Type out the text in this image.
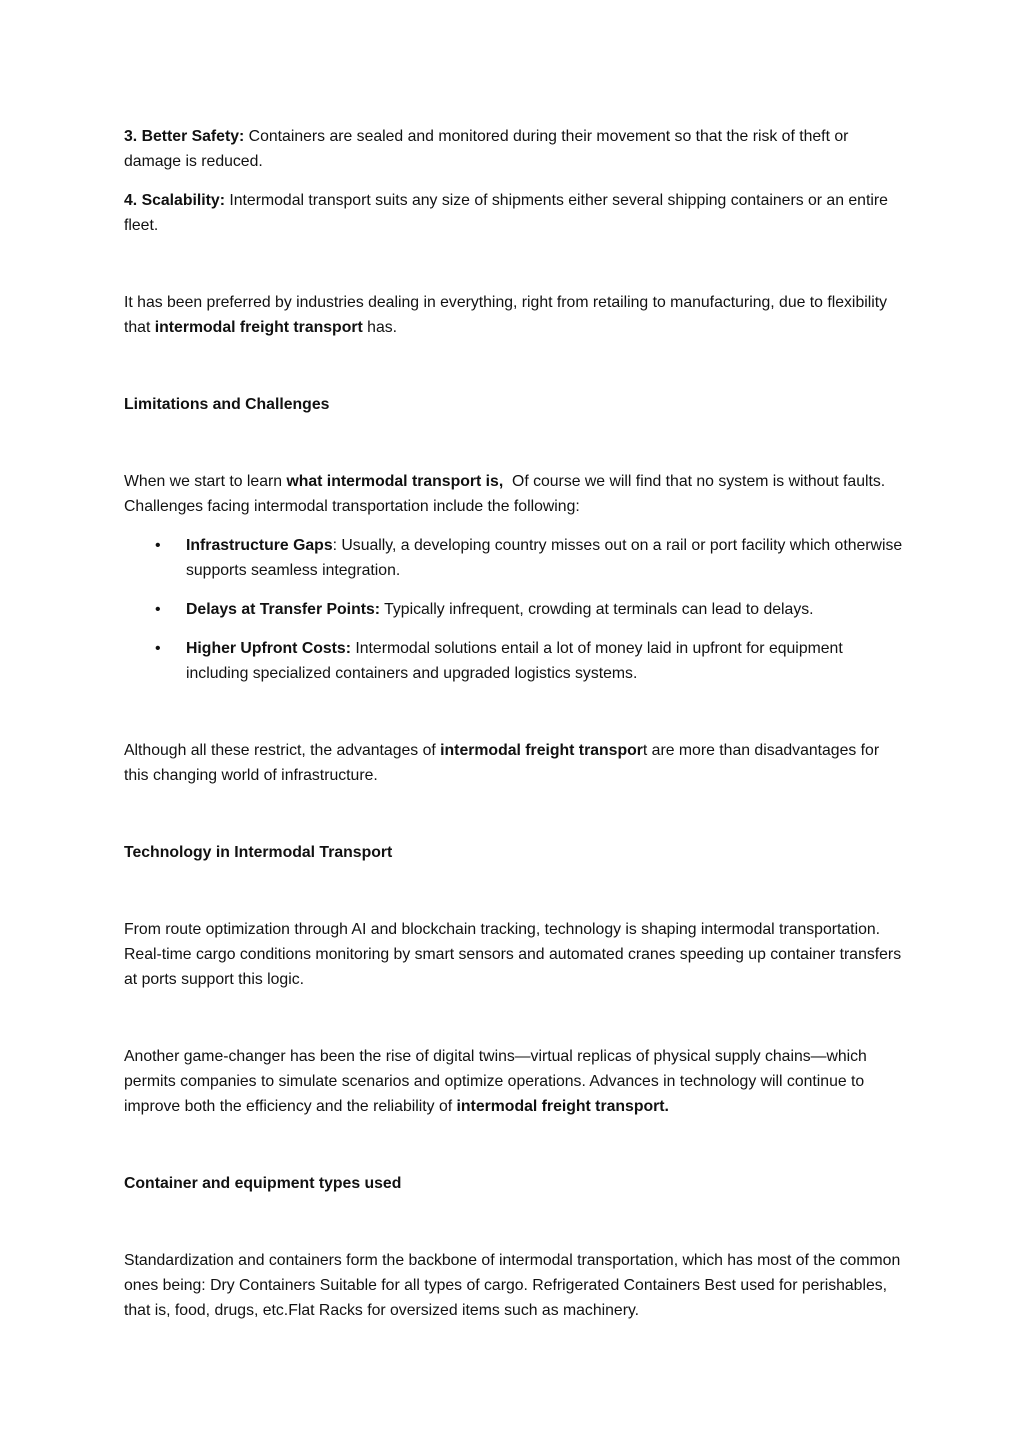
3. Better Safety: Containers are sealed and monitored during their movement so that the risk of theft or damage is reduced.

4. Scalability: Intermodal transport suits any size of shipments either several shipping containers or an entire fleet.

It has been preferred by industries dealing in everything, right from retailing to manufacturing, due to flexibility that intermodal freight transport has.

Limitations and Challenges

When we start to learn what intermodal transport is,  Of course we will find that no system is without faults. Challenges facing intermodal transportation include the following:

• Infrastructure Gaps: Usually, a developing country misses out on a rail or port facility which otherwise supports seamless integration.
• Delays at Transfer Points: Typically infrequent, crowding at terminals can lead to delays.
• Higher Upfront Costs: Intermodal solutions entail a lot of money laid in upfront for equipment including specialized containers and upgraded logistics systems.

Although all these restrict, the advantages of intermodal freight transport are more than disadvantages for this changing world of infrastructure.

Technology in Intermodal Transport

From route optimization through AI and blockchain tracking, technology is shaping intermodal transportation. Real-time cargo conditions monitoring by smart sensors and automated cranes speeding up container transfers at ports support this logic.

Another game-changer has been the rise of digital twins—virtual replicas of physical supply chains—which permits companies to simulate scenarios and optimize operations. Advances in technology will continue to improve both the efficiency and the reliability of intermodal freight transport.

Container and equipment types used

Standardization and containers form the backbone of intermodal transportation, which has most of the common ones being: Dry Containers Suitable for all types of cargo. Refrigerated Containers Best used for perishables, that is, food, drugs, etc.Flat Racks for oversized items such as machinery.
